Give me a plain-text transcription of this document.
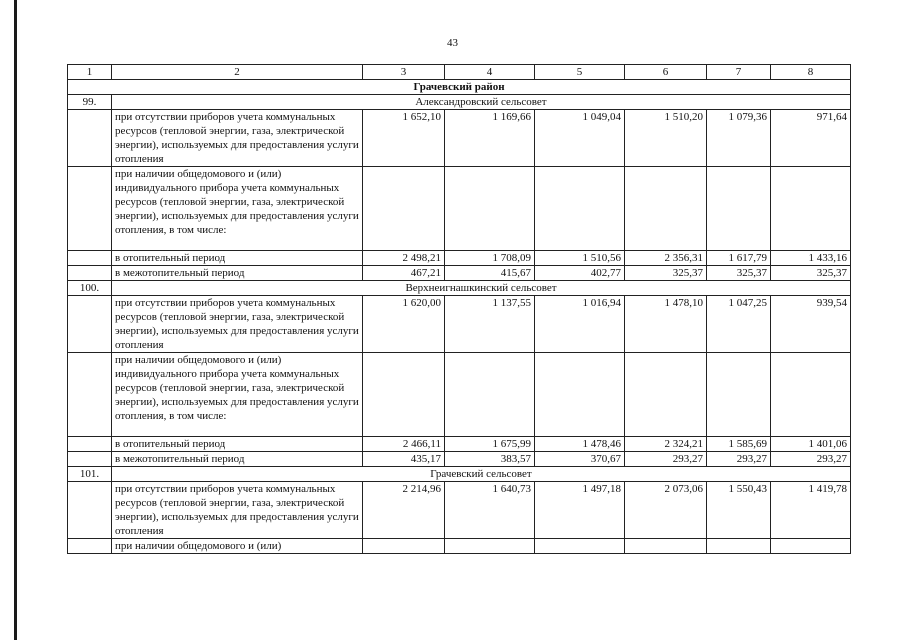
43
1	2	3	4	5	6	7	8
Грачевский район							
99.	Александровский сельсовет						
	при отсутствии приборов учета коммунальных ресурсов (тепловой энергии, газа, электрической энергии), используемых для предоставления услуги отопления	1 652,10	1 169,66	1 049,04	1 510,20	1 079,36	971,64
	при наличии общедомового и (или) индивидуального прибора учета коммунальных ресурсов (тепловой энергии, газа, электрической энергии), используемых для предоставления услуги отопления, в том числе:						
	в отопительный период	2 498,21	1 708,09	1 510,56	2 356,31	1 617,79	1 433,16
	в межотопительный период	467,21	415,67	402,77	325,37	325,37	325,37
100.	Верхнеигнашкинский сельсовет						
	при отсутствии приборов учета коммунальных ресурсов (тепловой энергии, газа, электрической энергии), используемых для предоставления услуги отопления	1 620,00	1 137,55	1 016,94	1 478,10	1 047,25	939,54
	при наличии общедомового и (или) индивидуального прибора учета коммунальных ресурсов (тепловой энергии, газа, электрической энергии), используемых для предоставления услуги отопления, в том числе:						
	в отопительный период	2 466,11	1 675,99	1 478,46	2 324,21	1 585,69	1 401,06
	в межотопительный период	435,17	383,57	370,67	293,27	293,27	293,27
101.	Грачевский сельсовет						
	при отсутствии приборов учета коммунальных ресурсов (тепловой энергии, газа, электрической энергии), используемых для предоставления услуги отопления	2 214,96	1 640,73	1 497,18	2 073,06	1 550,43	1 419,78
	при наличии общедомового и (или)						
